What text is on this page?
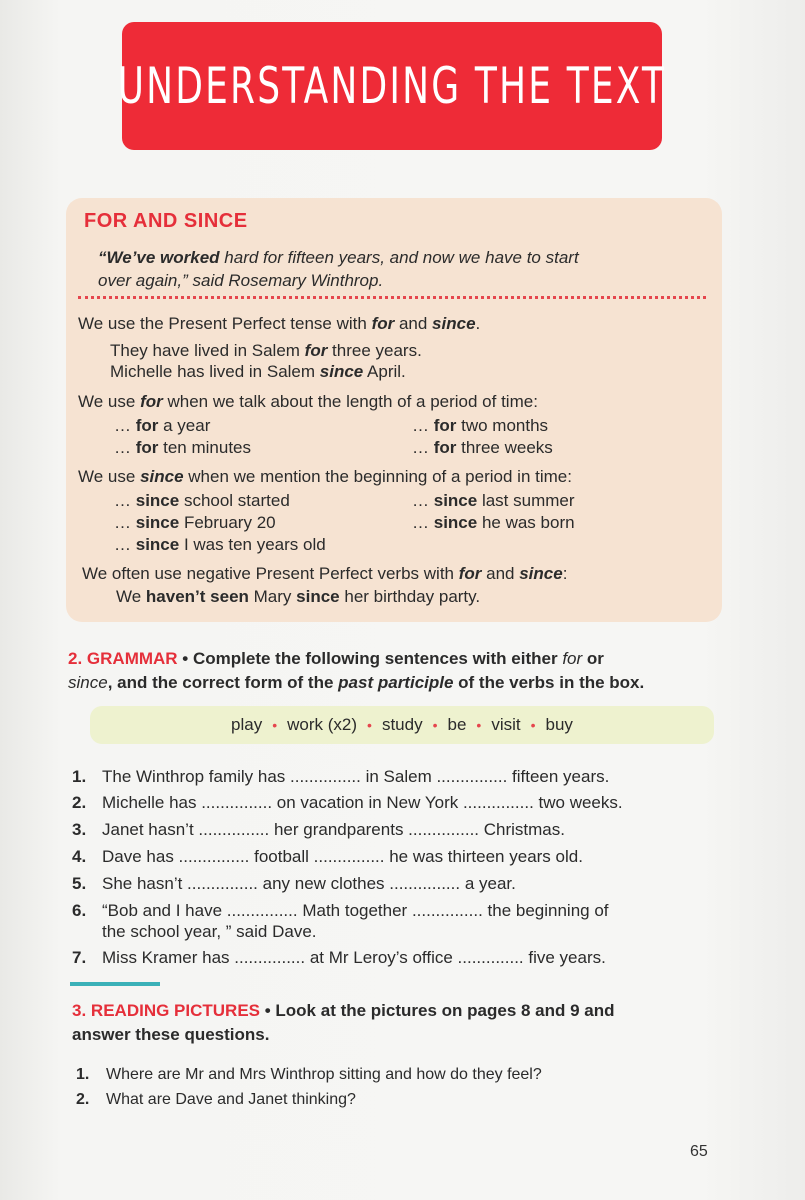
UNDERSTANDING THE TEXT
FOR AND SINCE
“We’ve worked hard for fifteen years, and now we have to start
over again,” said Rosemary Winthrop.
We use the Present Perfect tense with for and since.
They have lived in Salem for three years.
Michelle has lived in Salem since April.
We use for when we talk about the length of a period of time:
… for a year	… for two months
… for ten minutes	… for three weeks
We use since when we mention the beginning of a period in time:
… since school started	… since last summer
… since February 20	… since he was born
… since I was ten years old
We often use negative Present Perfect verbs with for and since:
We haven’t seen Mary since her birthday party.
2. GRAMMAR • Complete the following sentences with either for or
since, and the correct form of the past participle of the verbs in the box.
play • work (x2) • study • be • visit • buy
1. The Winthrop family has ............... in Salem ............... fifteen years.
2. Michelle has ............... on vacation in New York ............... two weeks.
3. Janet hasn’t ............... her grandparents ............... Christmas.
4. Dave has ............... football ............... he was thirteen years old.
5. She hasn’t ............... any new clothes ............... a year.
6. “Bob and I have ............... Math together ............... the beginning of
the school year, ” said Dave.
7. Miss Kramer has ............... at Mr Leroy’s office .............. five years.
3. READING PICTURES • Look at the pictures on pages 8 and 9 and
answer these questions.
1. Where are Mr and Mrs Winthrop sitting and how do they feel?
2. What are Dave and Janet thinking?
65
